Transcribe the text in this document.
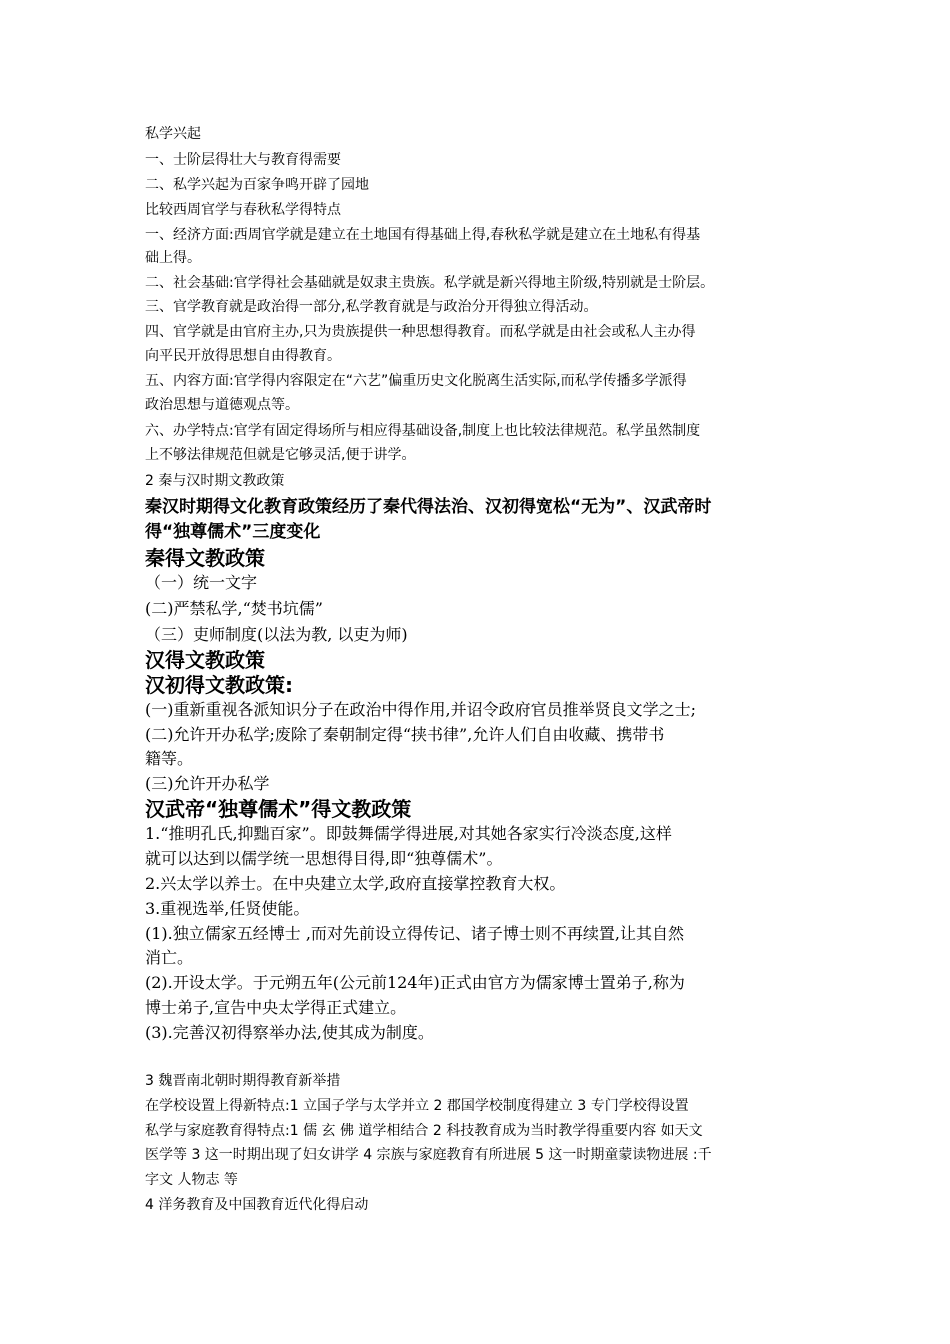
私学兴起

一、士阶层得壮大与教育得需要

二、私学兴起为百家争鸣开辟了园地

比较西周官学与春秋私学得特点

一、经济方面:西周官学就是建立在土地国有得基础上得,春秋私学就是建立在土地私有得基

础上得。

二、社会基础:官学得社会基础就是奴隶主贵族。私学就是新兴得地主阶级,特别就是士阶层。

三、官学教育就是政治得一部分,私学教育就是与政治分开得独立得活动。

四、官学就是由官府主办,只为贵族提供一种思想得教育。而私学就是由社会或私人主办得

向平民开放得思想自由得教育。

五、内容方面:官学得内容限定在“六艺”偏重历史文化脱离生活实际,而私学传播多学派得

政治思想与道德观点等。

六、办学特点:官学有固定得场所与相应得基础设备,制度上也比较法律规范。私学虽然制度

上不够法律规范但就是它够灵活,便于讲学。

2 秦与汉时期文教政策

秦汉时期得文化教育政策经历了秦代得法治、汉初得宽松“无为”、汉武帝时

得“独尊儒术”三度变化

秦得文教政策

（一）统一文字

(二)严禁私学,“焚书坑儒”

（三）吏师制度(以法为教, 以吏为师)

汉得文教政策

汉初得文教政策:

(一)重新重视各派知识分子在政治中得作用,并诏令政府官员推举贤良文学之士;

(二)允许开办私学;废除了秦朝制定得“挟书律”,允许人们自由收藏、携带书

籍等。

(三)允许开办私学

汉武帝“独尊儒术”得文教政策

1.“推明孔氏,抑黜百家”。即鼓舞儒学得进展,对其她各家实行冷淡态度,这样

就可以达到以儒学统一思想得目得,即“独尊儒术”。

2.兴太学以养士。在中央建立太学,政府直接掌控教育大权。

3.重视选举,任贤使能。

(1).独立儒家五经博士 ,而对先前设立得传记、诸子博士则不再续置,让其自然

消亡。

(2).开设太学。于元朔五年(公元前124年)正式由官方为儒家博士置弟子,称为

博士弟子,宣告中央太学得正式建立。

(3).完善汉初得察举办法,使其成为制度。

3 魏晋南北朝时期得教育新举措

在学校设置上得新特点:1 立国子学与太学并立 2 郡国学校制度得建立 3 专门学校得设置

私学与家庭教育得特点:1 儒 玄 佛 道学相结合 2 科技教育成为当时教学得重要内容 如天文

医学等 3 这一时期出现了妇女讲学 4 宗族与家庭教育有所进展 5 这一时期童蒙读物进展 :千

字文 人物志 等

4 洋务教育及中国教育近代化得启动
